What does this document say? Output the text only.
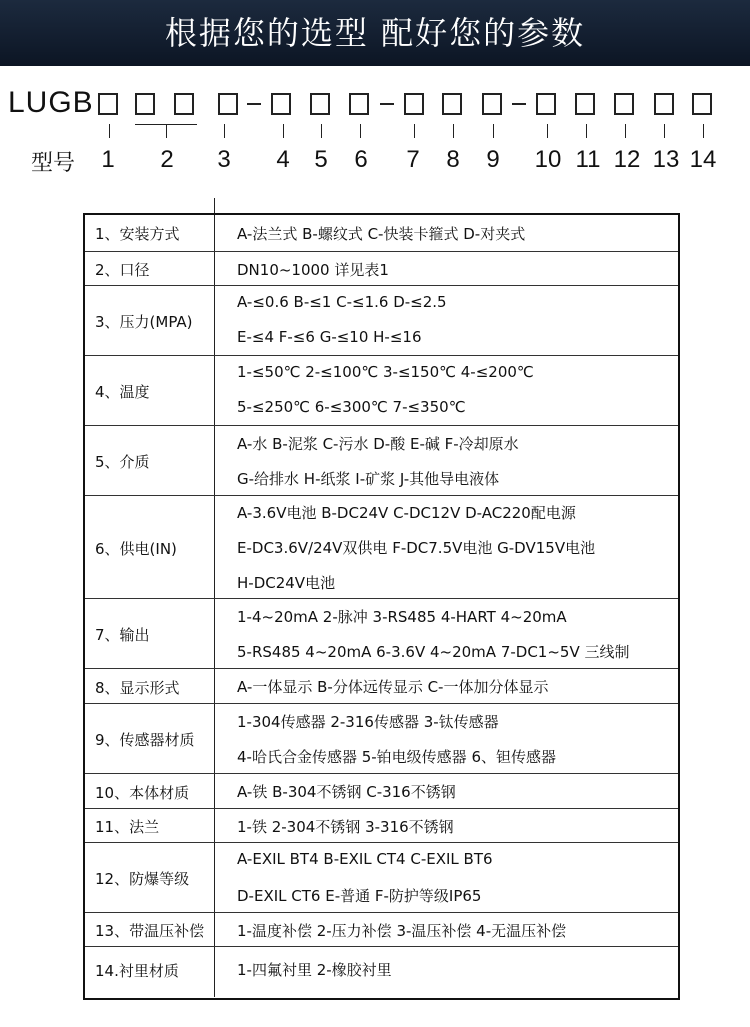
根据您的选型 配好您的参数
LUGB
型号 1 2 3 4 5 6 7 8 9 10 11 12 13 14
1、安装方式	A-法兰式 B-螺纹式 C-快装卡箍式 D-对夹式
2、口径	DN10~1000 详见表1
3、压力(MPA)
A-≤0.6 B-≤1 C-≤1.6 D-≤2.5
E-≤4 F-≤6 G-≤10 H-≤16
4、温度
1-≤50℃ 2-≤100℃ 3-≤150℃ 4-≤200℃
5-≤250℃ 6-≤300℃ 7-≤350℃
5、介质
A-水 B-泥浆 C-污水 D-酸 E-碱 F-冷却原水
G-给排水 H-纸浆 I-矿浆 J-其他导电液体
6、供电(IN)
A-3.6V电池 B-DC24V C-DC12V D-AC220配电源
E-DC3.6V/24V双供电 F-DC7.5V电池 G-DV15V电池
H-DC24V电池
7、输出
1-4~20mA 2-脉冲 3-RS485 4-HART 4~20mA
5-RS485 4~20mA 6-3.6V 4~20mA 7-DC1~5V 三线制
8、显示形式	A-一体显示 B-分体远传显示 C-一体加分体显示
9、传感器材质
1-304传感器 2-316传感器 3-钛传感器
4-哈氏合金传感器 5-铂电级传感器 6、钽传感器
10、本体材质	A-铁 B-304不锈钢 C-316不锈钢
11、法兰	1-铁 2-304不锈钢 3-316不锈钢
12、防爆等级
A-EXIL BT4 B-EXIL CT4 C-EXIL BT6
D-EXIL CT6 E-普通 F-防护等级IP65
13、带温压补偿 1-温度补偿 2-压力补偿 3-温压补偿 4-无温压补偿
14.衬里材质	1-四氟衬里 2-橡胶衬里
